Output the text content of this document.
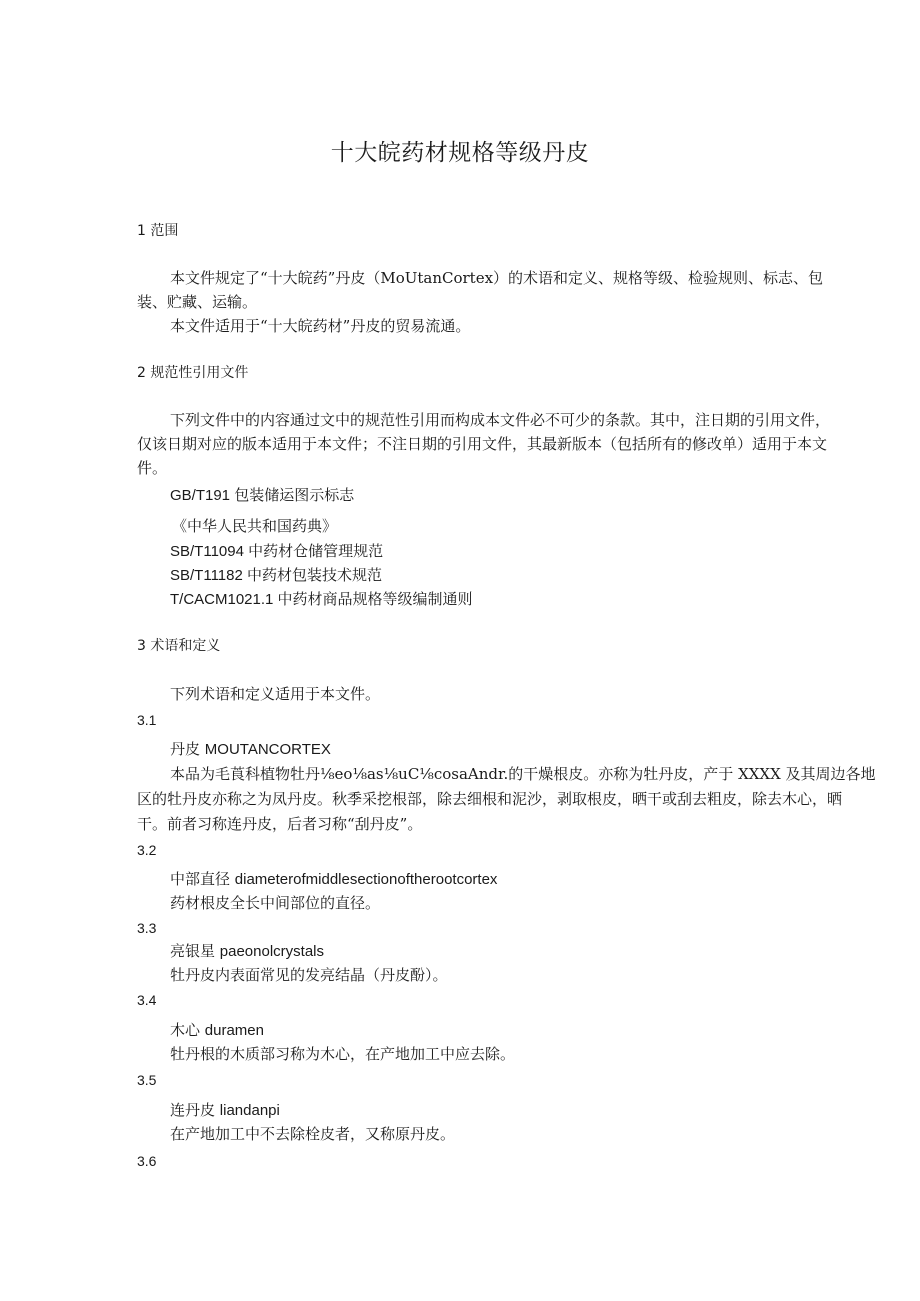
十大皖药材规格等级丹皮
1 范围
本文件规定了“十大皖药”丹皮（MoUtanCortex）的术语和定义、规格等级、检验规则、标志、包
装、贮藏、运输。
本文件适用于“十大皖药材”丹皮的贸易流通。
2 规范性引用文件
下列文件中的内容通过文中的规范性引用而构成本文件必不可少的条款。其中，注日期的引用文件，
仅该日期对应的版本适用于本文件；不注日期的引用文件，其最新版本（包括所有的修改单）适用于本文
件。
GB/T191 包装储运图示标志
《中华人民共和国药典》
SB/T11094 中药材仓储管理规范
SB/T11182 中药材包装技术规范
T/CACM1021.1 中药材商品规格等级编制通则
3 术语和定义
下列术语和定义适用于本文件。
3.1
丹皮 MOUTANCORTEX
本品为毛莨科植物牡丹⅛eo⅛as⅛uC⅛cosaAndr.的干燥根皮。亦称为牡丹皮，产于 XXXX 及其周边各地
区的牡丹皮亦称之为凤丹皮。秋季采挖根部，除去细根和泥沙，剥取根皮，晒干或刮去粗皮，除去木心，晒
干。前者习称连丹皮，后者习称“刮丹皮”。
3.2
中部直径 diameterofmiddlesectionoftherootcortex
药材根皮全长中间部位的直径。
3.3
亮银星 paeonolcrystals
牡丹皮内表面常见的发亮结晶（丹皮酚）。
3.4
木心 duramen
牡丹根的木质部习称为木心，在产地加工中应去除。
3.5
连丹皮 liandanpi
在产地加工中不去除栓皮者，又称原丹皮。
3.6
